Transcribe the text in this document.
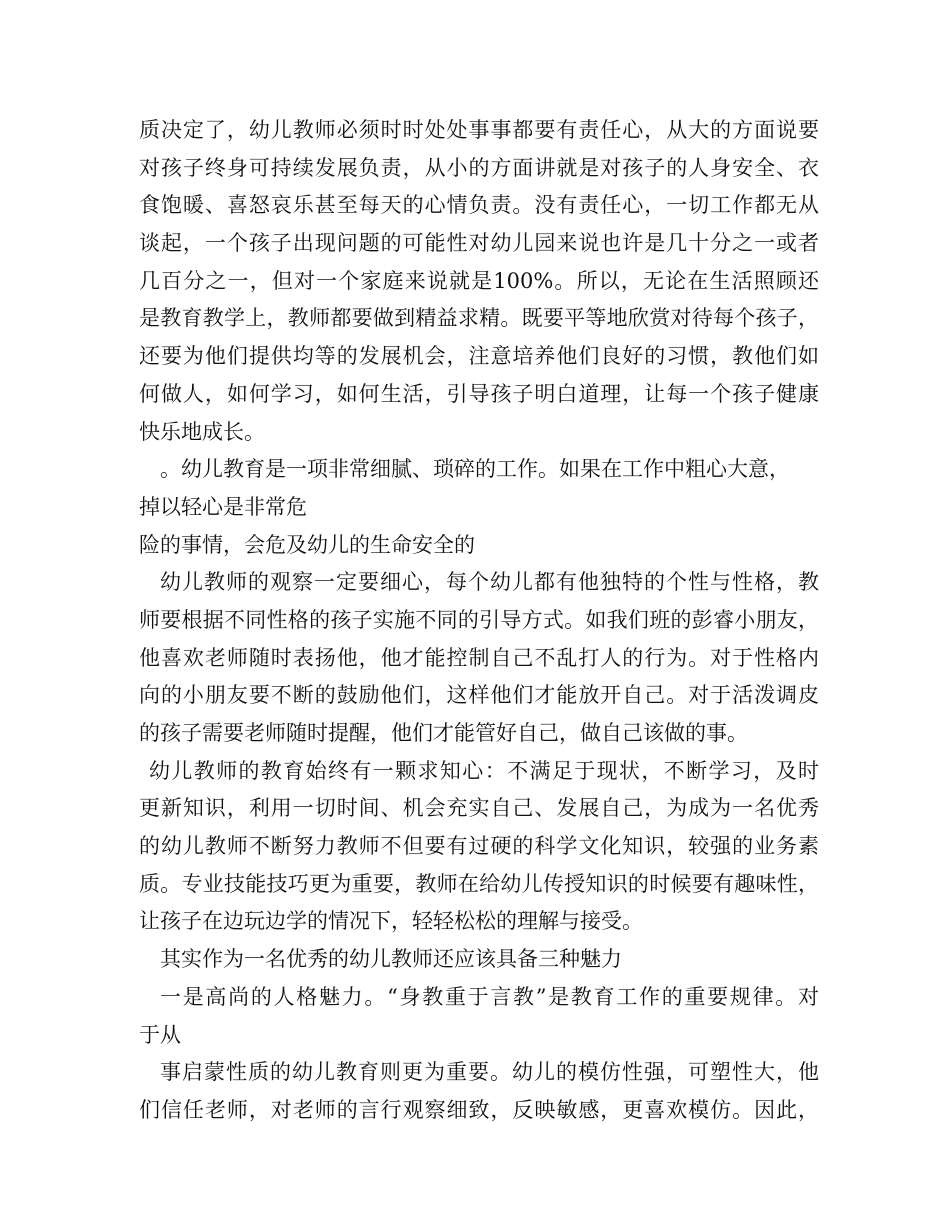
质决定了，幼儿教师必须时时处处事事都要有责任心，从大的方面说要
对孩子终身可持续发展负责，从小的方面讲就是对孩子的人身安全、衣
食饱暖、喜怒哀乐甚至每天的心情负责。没有责任心，一切工作都无从
谈起，一个孩子出现问题的可能性对幼儿园来说也许是几十分之一或者
几百分之一，但对一个家庭来说就是100%。所以，无论在生活照顾还
是教育教学上，教师都要做到精益求精。既要平等地欣赏对待每个孩子，
还要为他们提供均等的发展机会，注意培养他们良好的习惯，教他们如
何做人，如何学习，如何生活，引导孩子明白道理，让每一个孩子健康
快乐地成长。
。幼儿教育是一项非常细腻、琐碎的工作。如果在工作中粗心大意，
掉以轻心是非常危
险的事情，会危及幼儿的生命安全的
幼儿教师的观察一定要细心，每个幼儿都有他独特的个性与性格，教
师要根据不同性格的孩子实施不同的引导方式。如我们班的彭睿小朋友，
他喜欢老师随时表扬他，他才能控制自己不乱打人的行为。对于性格内
向的小朋友要不断的鼓励他们，这样他们才能放开自己。对于活泼调皮
的孩子需要老师随时提醒，他们才能管好自己，做自己该做的事。
幼儿教师的教育始终有一颗求知心：不满足于现状，不断学习，及时
更新知识，利用一切时间、机会充实自己、发展自己，为成为一名优秀
的幼儿教师不断努力教师不但要有过硬的科学文化知识，较强的业务素
质。专业技能技巧更为重要，教师在给幼儿传授知识的时候要有趣味性，
让孩子在边玩边学的情况下，轻轻松松的理解与接受。
其实作为一名优秀的幼儿教师还应该具备三种魅力
一是高尚的人格魅力。“身教重于言教”是教育工作的重要规律。对
于从
事启蒙性质的幼儿教育则更为重要。幼儿的模仿性强，可塑性大，他
们信任老师，对老师的言行观察细致，反映敏感，更喜欢模仿。因此，
